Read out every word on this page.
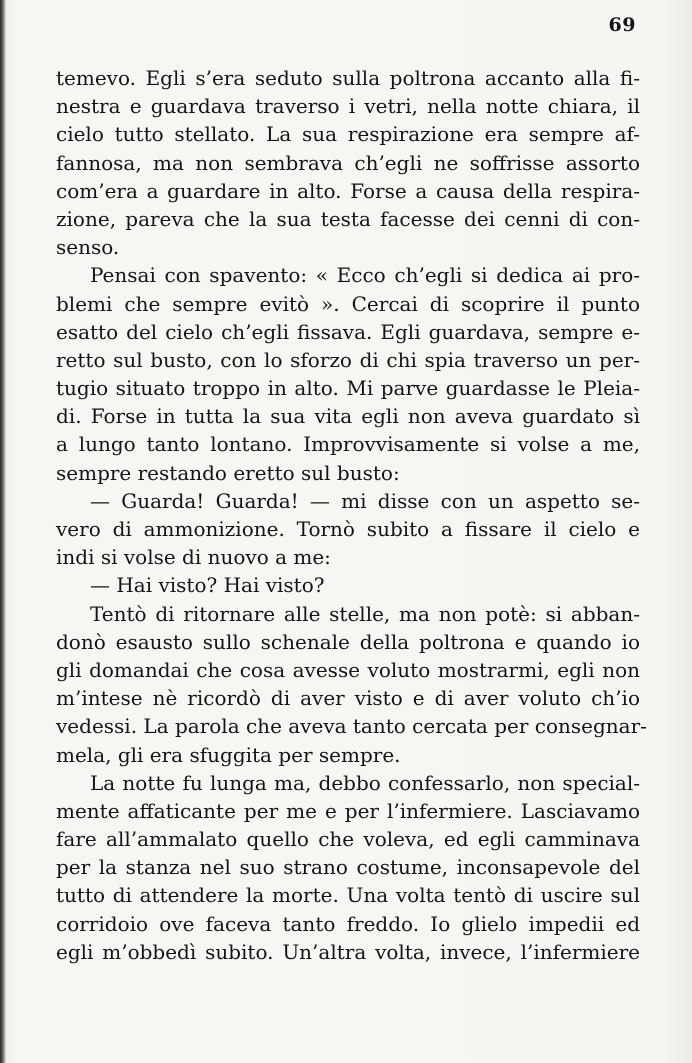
69
temevo. Egli s’era seduto sulla poltrona accanto alla fi-
nestra e guardava traverso i vetri, nella notte chiara, il
cielo tutto stellato. La sua respirazione era sempre af-
fannosa, ma non sembrava ch’egli ne soffrisse assorto
com’era a guardare in alto. Forse a causa della respira-
zione, pareva che la sua testa facesse dei cenni di con-
senso.
Pensai con spavento: « Ecco ch’egli si dedica ai pro-
blemi che sempre evitò ». Cercai di scoprire il punto
esatto del cielo ch’egli fissava. Egli guardava, sempre e-
retto sul busto, con lo sforzo di chi spia traverso un per-
tugio situato troppo in alto. Mi parve guardasse le Pleia-
di. Forse in tutta la sua vita egli non aveva guardato sì
a lungo tanto lontano. Improvvisamente si volse a me,
sempre restando eretto sul busto:
— Guarda! Guarda! — mi disse con un aspetto se-
vero di ammonizione. Tornò subito a fissare il cielo e
indi si volse di nuovo a me:
— Hai visto? Hai visto?
Tentò di ritornare alle stelle, ma non potè: si abban-
donò esausto sullo schenale della poltrona e quando io
gli domandai che cosa avesse voluto mostrarmi, egli non
m’intese nè ricordò di aver visto e di aver voluto ch’io
vedessi. La parola che aveva tanto cercata per consegnar-
mela, gli era sfuggita per sempre.
La notte fu lunga ma, debbo confessarlo, non special-
mente affaticante per me e per l’infermiere. Lasciavamo
fare all’ammalato quello che voleva, ed egli camminava
per la stanza nel suo strano costume, inconsapevole del
tutto di attendere la morte. Una volta tentò di uscire sul
corridoio ove faceva tanto freddo. Io glielo impedii ed
egli m’obbedì subito. Un’altra volta, invece, l’infermiere
